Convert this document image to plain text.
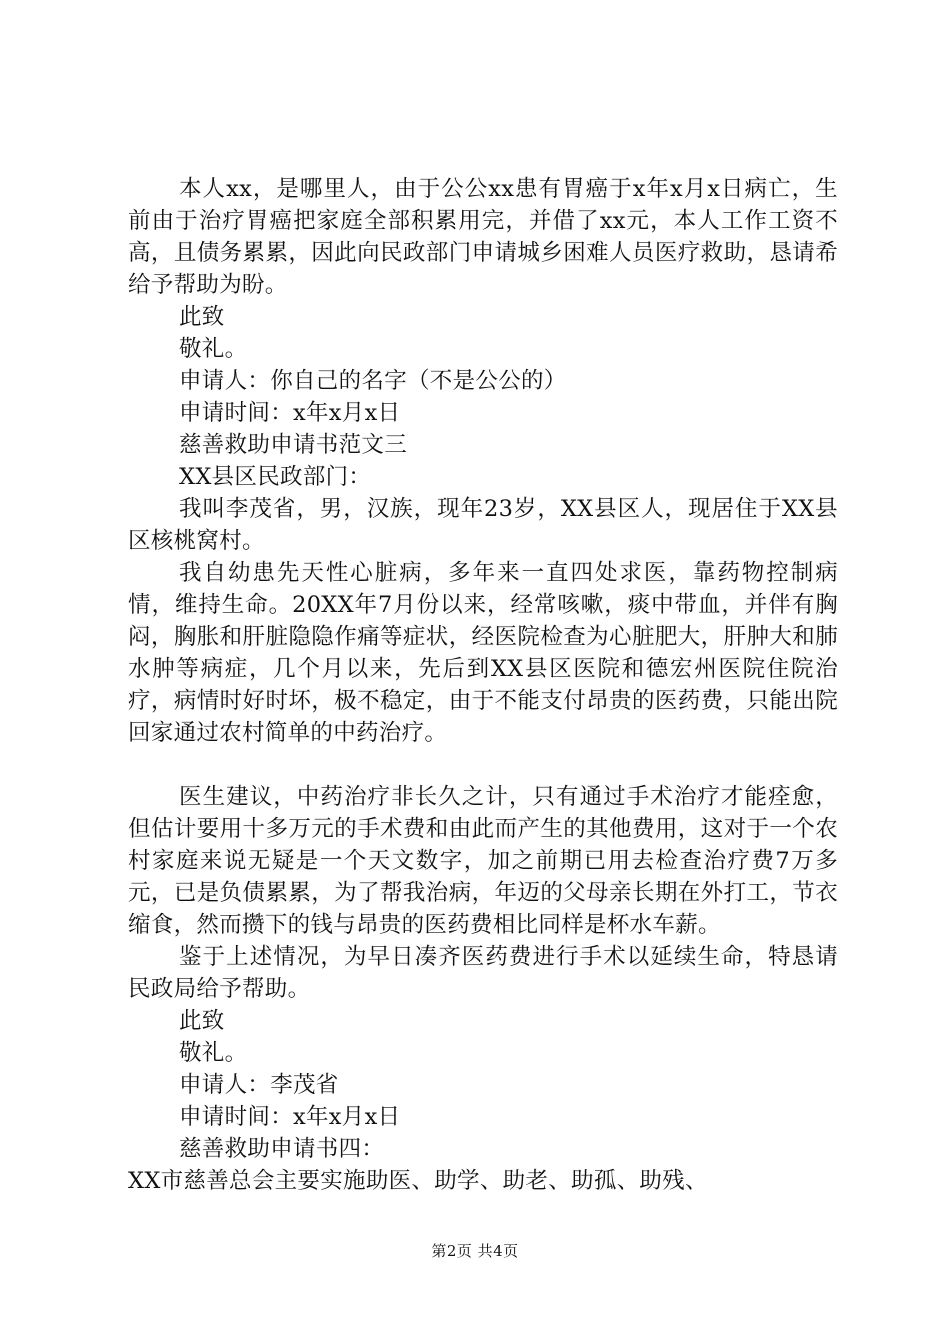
本人xx，是哪里人，由于公公xx患有胃癌于x年x月x日病亡，生前由于治疗胃癌把家庭全部积累用完，并借了xx元，本人工作工资不高，且债务累累，因此向民政部门申请城乡困难人员医疗救助，恳请希给予帮助为盼。

此致

敬礼。

申请人：你自己的名字（不是公公的）

申请时间：x年x月x日

慈善救助申请书范文三

XX县区民政部门：

我叫李茂省，男，汉族，现年23岁，XX县区人，现居住于XX县区核桃窝村。

我自幼患先天性心脏病，多年来一直四处求医，靠药物控制病情，维持生命。20XX年7月份以来，经常咳嗽，痰中带血，并伴有胸闷，胸胀和肝脏隐隐作痛等症状，经医院检查为心脏肥大，肝肿大和肺水肿等病症，几个月以来，先后到XX县区医院和德宏州医院住院治疗，病情时好时坏，极不稳定，由于不能支付昂贵的医药费，只能出院回家通过农村简单的中药治疗。

医生建议，中药治疗非长久之计，只有通过手术治疗才能痊愈，但估计要用十多万元的手术费和由此而产生的其他费用，这对于一个农村家庭来说无疑是一个天文数字，加之前期已用去检查治疗费7万多元，已是负债累累，为了帮我治病，年迈的父母亲长期在外打工，节衣缩食，然而攒下的钱与昂贵的医药费相比同样是杯水车薪。

鉴于上述情况，为早日凑齐医药费进行手术以延续生命，特恳请民政局给予帮助。

此致

敬礼。

申请人：李茂省

申请时间：x年x月x日

慈善救助申请书四：

XX市慈善总会主要实施助医、助学、助老、助孤、助残、

第2页 共4页
